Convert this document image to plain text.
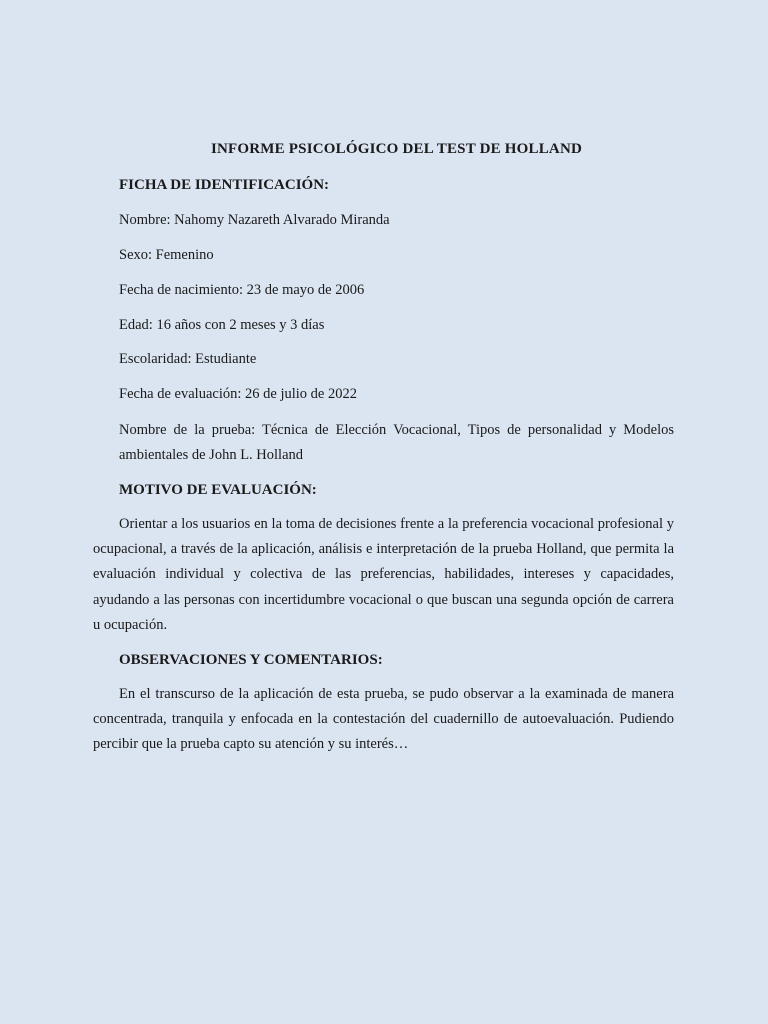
INFORME PSICOLÓGICO DEL TEST DE HOLLAND
FICHA DE IDENTIFICACIÓN:
Nombre: Nahomy Nazareth Alvarado Miranda
Sexo: Femenino
Fecha de nacimiento: 23 de mayo de 2006
Edad: 16 años con 2 meses y 3 días
Escolaridad: Estudiante
Fecha de evaluación: 26 de julio de 2022
Nombre de la prueba: Técnica de Elección Vocacional, Tipos de personalidad y Modelos ambientales de John L. Holland
MOTIVO DE EVALUACIÓN:
Orientar a los usuarios en la toma de decisiones frente a la preferencia vocacional profesional y ocupacional, a través de la aplicación, análisis e interpretación de la prueba Holland, que permita la evaluación individual y colectiva de las preferencias, habilidades, intereses y capacidades, ayudando a las personas con incertidumbre vocacional o que buscan una segunda opción de carrera u ocupación.
OBSERVACIONES Y COMENTARIOS:
En el transcurso de la aplicación de esta prueba, se pudo observar a la examinada de manera concentrada, tranquila y enfocada en la contestación del cuadernillo de autoevaluación. Pudiendo percibir que la prueba capto su atención y su interés…
